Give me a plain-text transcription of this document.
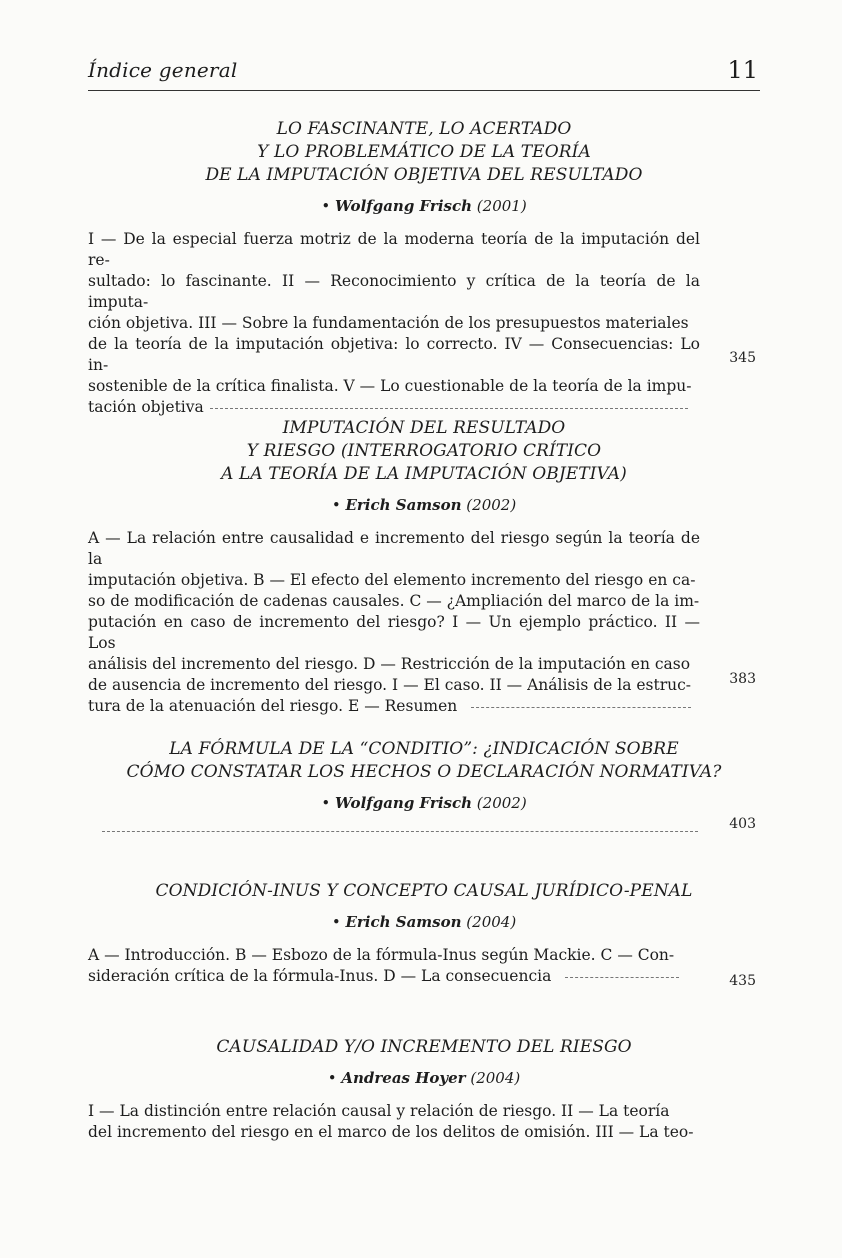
Índice general	11
LO FASCINANTE, LO ACERTADO
Y LO PROBLEMÁTICO DE LA TEORÍA
DE LA IMPUTACIÓN OBJETIVA DEL RESULTADO
• Wolfgang Frisch (2001)
I — De la especial fuerza motriz de la moderna teoría de la imputación del re-
sultado: lo fascinante. II — Reconocimiento y crítica de la teoría de la imputa-
ción objetiva. III — Sobre la fundamentación de los presupuestos materiales
de la teoría de la imputación objetiva: lo correcto. IV — Consecuencias: Lo in-
sostenible de la crítica finalista. V — Lo cuestionable de la teoría de la impu-
tación objetiva
345
IMPUTACIÓN DEL RESULTADO
Y RIESGO (INTERROGATORIO CRÍTICO
A LA TEORÍA DE LA IMPUTACIÓN OBJETIVA)
• Erich Samson (2002)
A — La relación entre causalidad e incremento del riesgo según la teoría de la
imputación objetiva. B — El efecto del elemento incremento del riesgo en ca-
so de modificación de cadenas causales. C — ¿Ampliación del marco de la im-
putación en caso de incremento del riesgo? I — Un ejemplo práctico. II — Los
análisis del incremento del riesgo. D — Restricción de la imputación en caso
de ausencia de incremento del riesgo. I — El caso. II — Análisis de la estruc-
tura de la atenuación del riesgo. E — Resumen
383
LA FÓRMULA DE LA “CONDITIO”: ¿INDICACIÓN SOBRE
CÓMO CONSTATAR LOS HECHOS O DECLARACIÓN NORMATIVA?
• Wolfgang Frisch (2002)
403
CONDICIÓN-INUS Y CONCEPTO CAUSAL JURÍDICO-PENAL
• Erich Samson (2004)
A — Introducción. B — Esbozo de la fórmula-Inus según Mackie. C — Con-
sideración crítica de la fórmula-Inus. D — La consecuencia	435
CAUSALIDAD Y/O INCREMENTO DEL RIESGO
• Andreas Hoyer (2004)
I — La distinción entre relación causal y relación de riesgo. II — La teoría
del incremento del riesgo en el marco de los delitos de omisión. III — La teo-
